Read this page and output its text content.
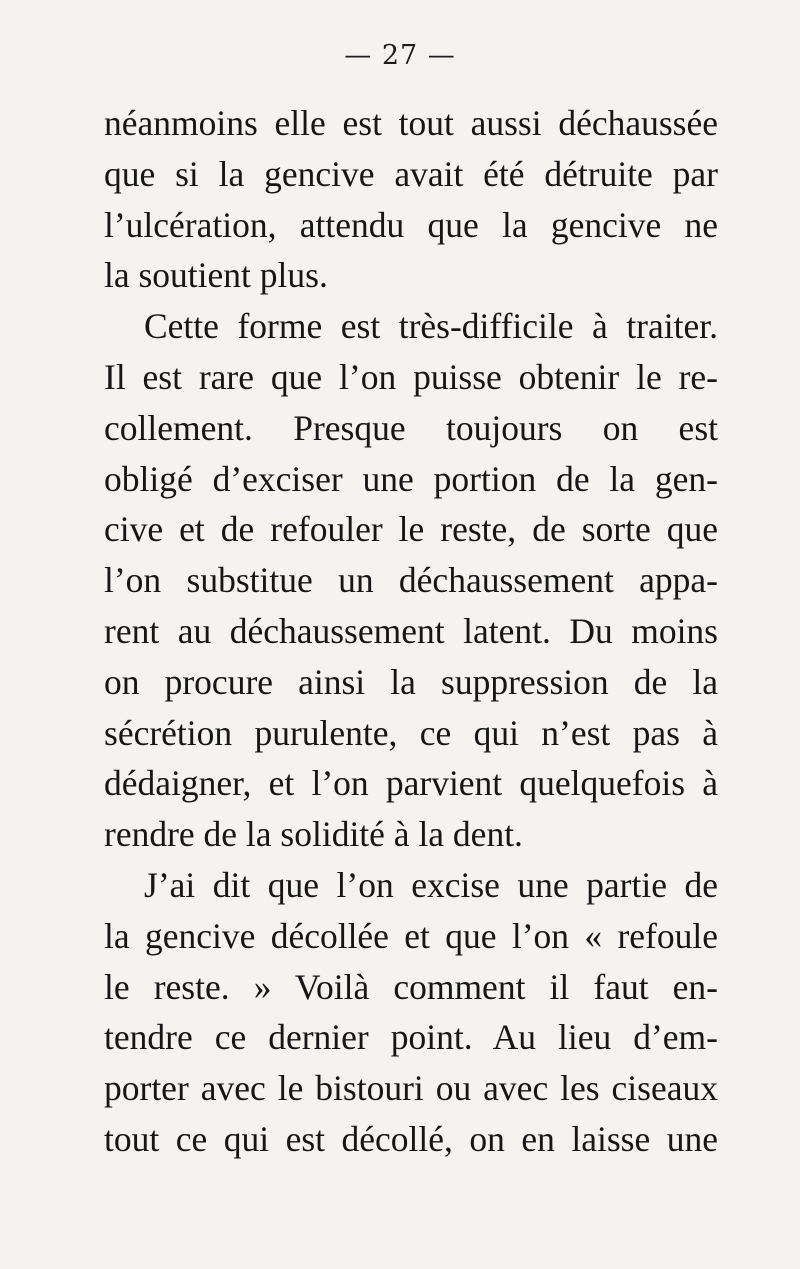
— 27 —
néanmoins elle est tout aussi déchaussée
que si la gencive avait été détruite par
l’ulcération, attendu que la gencive ne
la soutient plus.
Cette forme est très-difficile à traiter.
Il est rare que l’on puisse obtenir le re-
collement. Presque toujours on est
obligé d’exciser une portion de la gen-
cive et de refouler le reste, de sorte que
l’on substitue un déchaussement appa-
rent au déchaussement latent. Du moins
on procure ainsi la suppression de la
sécrétion purulente, ce qui n’est pas à
dédaigner, et l’on parvient quelquefois à
rendre de la solidité à la dent.
J’ai dit que l’on excise une partie de
la gencive décollée et que l’on « refoule
le reste. » Voilà comment il faut en-
tendre ce dernier point. Au lieu d’em-
porter avec le bistouri ou avec les ciseaux
tout ce qui est décollé, on en laisse une
